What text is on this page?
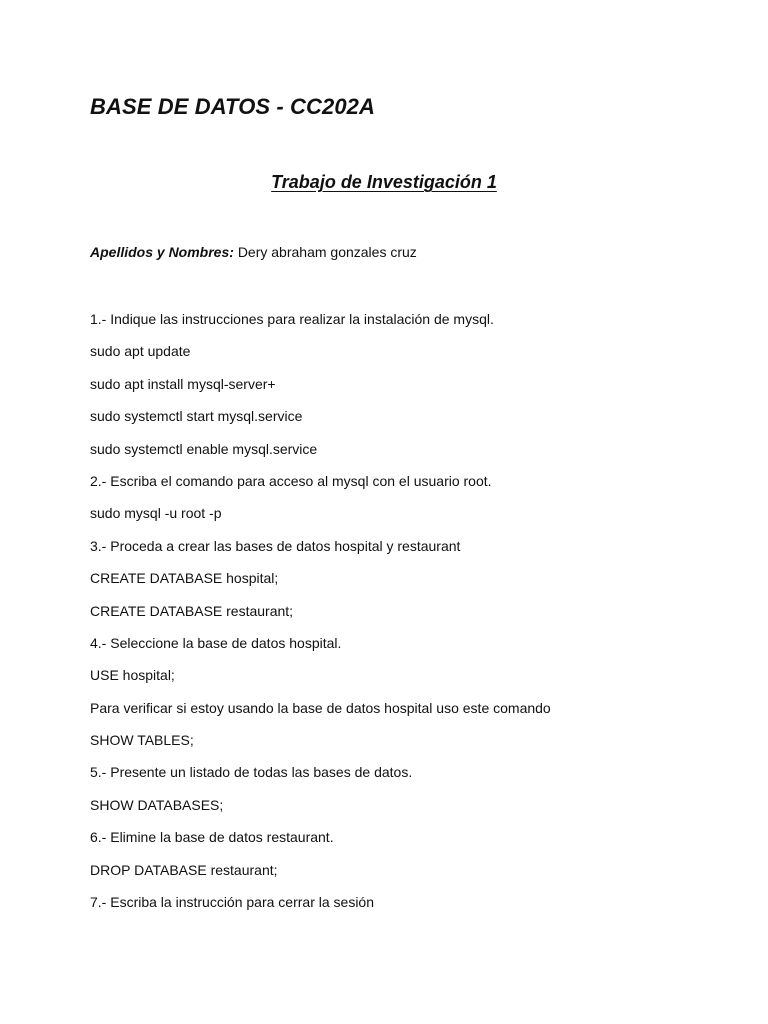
BASE DE DATOS - CC202A
Trabajo de Investigación 1

Apellidos y Nombres: Dery abraham gonzales cruz

1.- Indique las instrucciones para realizar la instalación de mysql.

sudo apt update

sudo apt install mysql-server+

sudo systemctl start mysql.service

sudo systemctl enable mysql.service

2.- Escriba el comando para acceso al mysql con el usuario root.

sudo mysql -u root -p

3.- Proceda a crear las bases de datos hospital y restaurant

CREATE DATABASE hospital;

CREATE DATABASE restaurant;

4.- Seleccione la base de datos hospital.

USE hospital;

Para verificar si estoy usando la base de datos hospital uso este comando

SHOW TABLES;

5.- Presente un listado de todas las bases de datos.

SHOW DATABASES;

6.- Elimine la base de datos restaurant.

DROP DATABASE restaurant;

7.- Escriba la instrucción para cerrar la sesión
